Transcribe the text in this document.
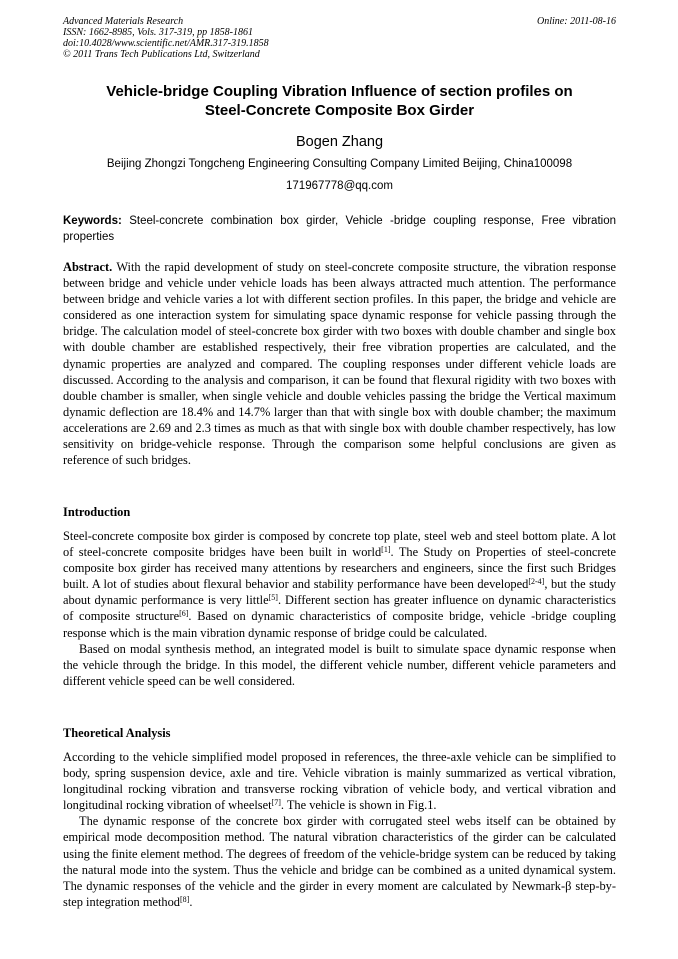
Advanced Materials Research
ISSN: 1662-8985, Vols. 317-319, pp 1858-1861
doi:10.4028/www.scientific.net/AMR.317-319.1858
© 2011 Trans Tech Publications Ltd, Switzerland
Online: 2011-08-16
Vehicle-bridge Coupling Vibration Influence of section profiles on
Steel-Concrete Composite Box Girder
Bogen Zhang
Beijing Zhongzi Tongcheng Engineering Consulting Company Limited Beijing, China100098
171967778@qq.com
Keywords: Steel-concrete combination box girder, Vehicle -bridge coupling response, Free vibration properties
Abstract. With the rapid development of study on steel-concrete composite structure, the vibration response between bridge and vehicle under vehicle loads has been always attracted much attention. The performance between bridge and vehicle varies a lot with different section profiles. In this paper, the bridge and vehicle are considered as one interaction system for simulating space dynamic response for vehicle passing through the bridge. The calculation model of steel-concrete box girder with two boxes with double chamber and single box with double chamber are established respectively, their free vibration properties are calculated, and the dynamic properties are analyzed and compared. The coupling responses under different vehicle loads are discussed. According to the analysis and comparison, it can be found that flexural rigidity with two boxes with double chamber is smaller, when single vehicle and double vehicles passing the bridge the Vertical maximum dynamic deflection are 18.4% and 14.7% larger than that with single box with double chamber; the maximum accelerations are 2.69 and 2.3 times as much as that with single box with double chamber respectively, has low sensitivity on bridge-vehicle response. Through the comparison some helpful conclusions are given as reference of such bridges.
Introduction

Steel-concrete composite box girder is composed by concrete top plate, steel web and steel bottom plate. A lot of steel-concrete composite bridges have been built in world[1]. The Study on Properties of steel-concrete composite box girder has received many attentions by researchers and engineers, since the first such Bridges built. A lot of studies about flexural behavior and stability performance have been developed[2-4], but the study about dynamic performance is very little[5]. Different section has greater influence on dynamic characteristics of composite structure[6]. Based on dynamic characteristics of composite bridge, vehicle -bridge coupling response which is the main vibration dynamic response of bridge could be calculated.

Based on modal synthesis method, an integrated model is built to simulate space dynamic response when the vehicle through the bridge. In this model, the different vehicle number, different vehicle parameters and different vehicle speed can be well considered.

Theoretical Analysis

According to the vehicle simplified model proposed in references, the three-axle vehicle can be simplified to body, spring suspension device, axle and tire. Vehicle vibration is mainly summarized as vertical vibration, longitudinal rocking vibration and transverse rocking vibration of vehicle body, and vertical vibration and longitudinal rocking vibration of wheelset[7]. The vehicle is shown in Fig.1.

The dynamic response of the concrete box girder with corrugated steel webs itself can be obtained by empirical mode decomposition method. The natural vibration characteristics of the girder can be calculated using the finite element method. The degrees of freedom of the vehicle-bridge system can be reduced by taking the natural mode into the system. Thus the vehicle and bridge can be combined as a united dynamical system. The dynamic responses of the vehicle and the girder in every moment are calculated by Newmark-β step-by-step integration method[8].
